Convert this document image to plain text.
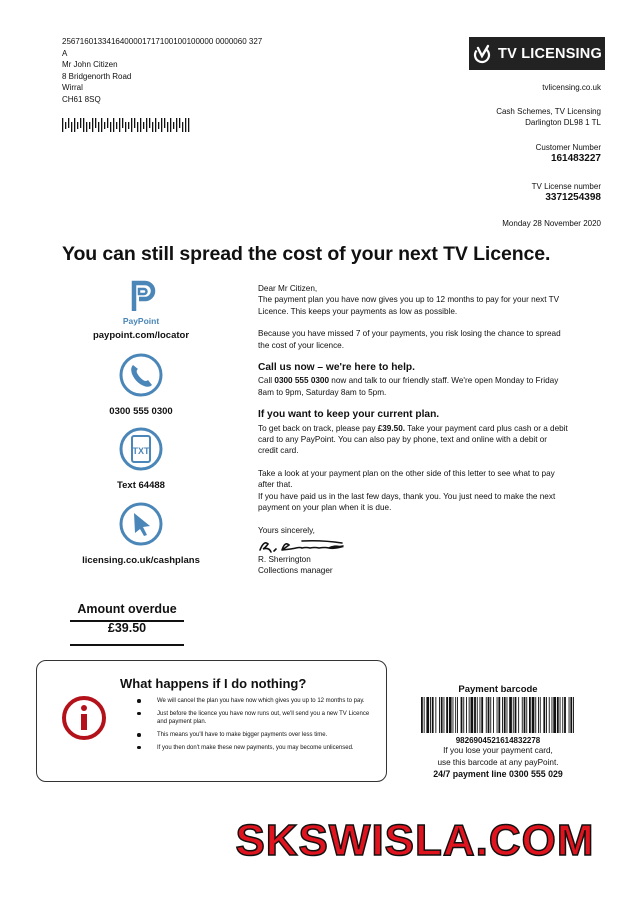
2567160133416400001717100100100000 0000060 327
A
Mr John Citizen
8 Bridgenorth Road
Wirral
CH61 8SQ
TV LICENSING
tvlicensing.co.uk
Cash Schemes, TV Licensing
Darlington DL98 1 TL
Customer Number
161483227
TV License number
3371254398
Monday 28 November 2020
You can still spread the cost of your next TV Licence.
PayPoint
paypoint.com/locator
0300 555 0300
TXT
Text 64488
licensing.co.uk/cashplans
Dear Mr Citizen,

The payment plan you have now gives you up to 12 months to pay for your next TV Licence. This keeps your payments as low as possible.

Because you have missed 7 of your payments, you risk losing the chance to spread the cost of your licence.

Call us now – we're here to help.

Call 0300 555 0300 now and talk to our friendly staff. We're open Monday to Friday 8am to 9pm, Saturday 8am to 5pm.

If you want to keep your current plan.

To get back on track, please pay £39.50. Take your payment card plus cash or a debit card to any PayPoint. You can also pay by phone, text and online with a debit or credit card.

Take a look at your payment plan on the other side of this letter to see what to pay after that.

If you have paid us in the last few days, thank you. You just need to make the next payment on your plan when it is due.

Yours sincerely,
R. Sherrington
Collections manager
Amount overdue
£39.50
What happens if I do nothing?
We will cancel the plan you have now which gives you up to 12 months to pay.
Just before the licence you have now runs out, we'll send you a new TV Licence and payment plan.
This means you'll have to make bigger payments over less time.
If you then don't make these new payments, you may become unlicensed.
Payment barcode
9826904521614832278
If you lose your payment card,
use this barcode at any payPoint.
24/7 payment line 0300 555 029
SKSWISLA.COM
